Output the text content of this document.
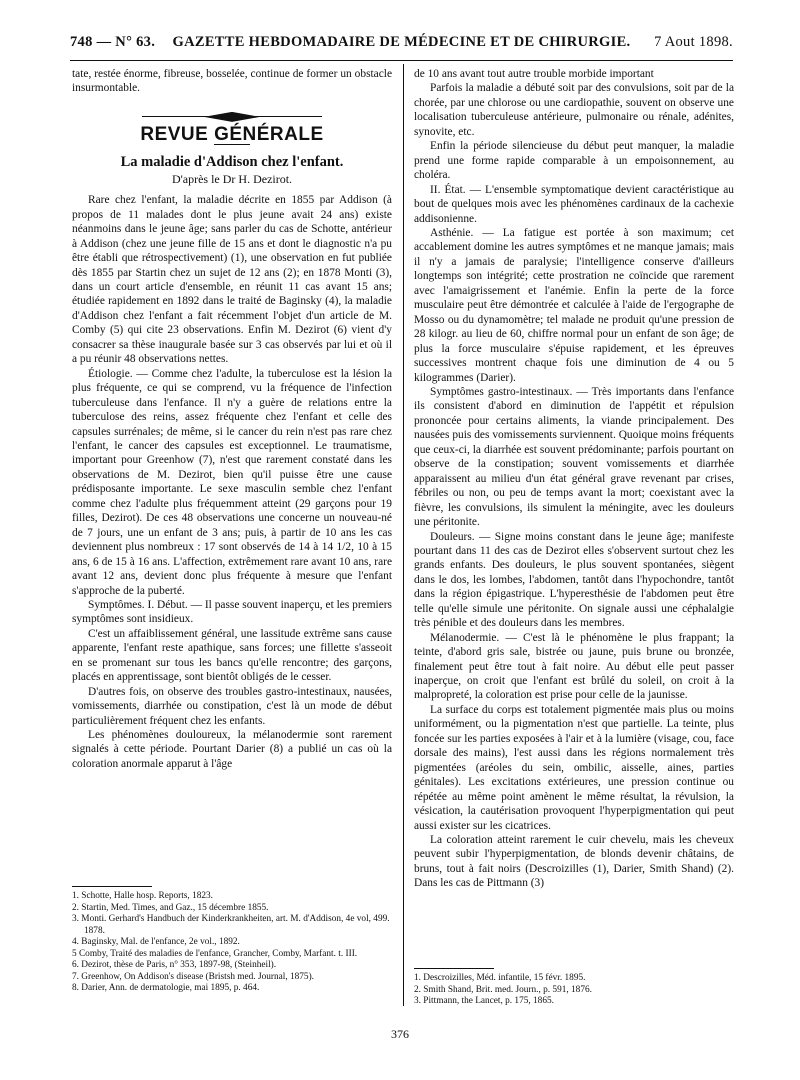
748 — N° 63.	GAZETTE HEBDOMADAIRE DE MÉDECINE ET DE CHIRURGIE.	7 Aout 1898.

tate, restée énorme, fibreuse, bosselée, continue de former un obstacle insurmontable.

REVUE GÉNÉRALE
La maladie d'Addison chez l'enfant.
D'après le Dr H. Dezirot.

Rare chez l'enfant, la maladie décrite en 1855 par Addison (à propos de 11 malades dont le plus jeune avait 24 ans) existe néanmoins dans le jeune âge; sans parler du cas de Schotte, antérieur à Addison (chez une jeune fille de 15 ans et dont le diagnostic n'a pu être établi que rétrospectivement) (1), une observation en fut publiée dès 1855 par Startin chez un sujet de 12 ans (2); en 1878 Monti (3), dans un court article d'ensemble, en réunit 11 cas avant 15 ans; étudiée rapidement en 1892 dans le traité de Baginsky (4), la maladie d'Addison chez l'enfant a fait récemment l'objet d'un article de M. Comby (5) qui cite 23 observations. Enfin M. Dezirot (6) vient d'y consacrer sa thèse inaugurale basée sur 3 cas observés par lui et où il a pu réunir 48 observations nettes.

Étiologie. — Comme chez l'adulte, la tuberculose est la lésion la plus fréquente, ce qui se comprend, vu la fréquence de l'infection tuberculeuse dans l'enfance. Il n'y a guère de relations entre la tuberculose des reins, assez fréquente chez l'enfant et celle des capsules surrénales; de même, si le cancer du rein n'est pas rare chez l'enfant, le cancer des capsules est exceptionnel. Le traumatisme, important pour Greenhow (7), n'est que rarement constaté dans les observations de M. Dezirot, bien qu'il puisse être une cause prédisposante importante. Le sexe masculin semble chez l'enfant comme chez l'adulte plus fréquemment atteint (29 garçons pour 19 filles, Dezirot). De ces 48 observations une concerne un nouveau-né de 7 jours, une un enfant de 3 ans; puis, à partir de 10 ans les cas deviennent plus nombreux : 17 sont observés de 14 à 14 1/2, 10 à 15 ans, 6 de 15 à 16 ans. L'affection, extrêmement rare avant 10 ans, rare avant 12 ans, devient donc plus fréquente à mesure que l'enfant s'approche de la puberté.

Symptômes. I. Début. — Il passe souvent inaperçu, et les premiers symptômes sont insidieux.

C'est un affaiblissement général, une lassitude extrême sans cause apparente, l'enfant reste apathique, sans forces; une fillette s'asseoit en se promenant sur tous les bancs qu'elle rencontre; des garçons, placés en apprentissage, sont bientôt obligés de le cesser.

D'autres fois, on observe des troubles gastro-intestinaux, nausées, vomissements, diarrhée ou constipation, c'est là un mode de début particulièrement fréquent chez les enfants.

Les phénomènes douloureux, la mélanodermie sont rarement signalés à cette période. Pourtant Darier (8) a publié un cas où la coloration anormale apparut à l'âge

de 10 ans avant tout autre trouble morbide important

Parfois la maladie a débuté soit par des convulsions, soit par de la chorée, par une chlorose ou une cardiopathie, souvent on observe une localisation tuberculeuse antérieure, pulmonaire ou rénale, adénites, synovite, etc.

Enfin la période silencieuse du début peut manquer, la maladie prend une forme rapide comparable à un empoisonnement, au choléra.

II. État. — L'ensemble symptomatique devient caractéristique au bout de quelques mois avec les phénomènes cardinaux de la cachexie addisonienne.

Asthénie. — La fatigue est portée à son maximum; cet accablement domine les autres symptômes et ne manque jamais; mais il n'y a jamais de paralysie; l'intelligence conserve d'ailleurs longtemps son intégrité; cette prostration ne coïncide que rarement avec l'amaigrissement et l'anémie. Enfin la perte de la force musculaire peut être démontrée et calculée à l'aide de l'ergographe de Mosso ou du dynamomètre; tel malade ne produit qu'une pression de 28 kilogr. au lieu de 60, chiffre normal pour un enfant de son âge; de plus la force musculaire s'épuise rapidement, et les épreuves successives montrent chaque fois une diminution de 4 ou 5 kilogrammes (Darier).

Symptômes gastro-intestinaux. — Très importants dans l'enfance ils consistent d'abord en diminution de l'appétit et répulsion prononcée pour certains aliments, la viande principalement. Des nausées puis des vomissements surviennent. Quoique moins fréquents que ceux-ci, la diarrhée est souvent prédominante; parfois pourtant on observe de la constipation; souvent vomissements et diarrhée apparaissent au milieu d'un état général grave revenant par crises, fébriles ou non, ou peu de temps avant la mort; coexistant avec la fièvre, les convulsions, ils simulent la méningite, avec les douleurs une péritonite.

Douleurs. — Signe moins constant dans le jeune âge; manifeste pourtant dans 11 des cas de Dezirot elles s'observent surtout chez les grands enfants. Des douleurs, le plus souvent spontanées, siègent dans le dos, les lombes, l'abdomen, tantôt dans l'hypochondre, tantôt dans la région épigastrique. L'hyperesthésie de l'abdomen peut être telle qu'elle simule une péritonite. On signale aussi une céphalalgie très pénible et des douleurs dans les membres.

Mélanodermie. — C'est là le phénomène le plus frappant; la teinte, d'abord gris sale, bistrée ou jaune, puis brune ou bronzée, finalement peut être tout à fait noire. Au début elle peut passer inaperçue, on croit que l'enfant est brûlé du soleil, on croit à la malpropreté, la coloration est prise pour celle de la jaunisse.

La surface du corps est totalement pigmentée mais plus ou moins uniformément, ou la pigmentation n'est que partielle. La teinte, plus foncée sur les parties exposées à l'air et à la lumière (visage, cou, face dorsale des mains), l'est aussi dans les régions normalement très pigmentées (aréoles du sein, ombilic, aisselle, aines, parties génitales). Les excitations extérieures, une pression continue ou répétée au même point amènent le même résultat, la révulsion, la vésication, la cautérisation provoquent l'hyperpigmentation qui peut aussi exister sur les cicatrices.

La coloration atteint rarement le cuir chevelu, mais les cheveux peuvent subir l'hyperpigmentation, de blonds devenir châtains, de bruns, tout à fait noirs (Descroizilles (1), Darier, Smith Shand) (2). Dans les cas de Pittmann (3)

1. Schotte, Halle hosp. Reports, 1823.
2. Startin, Med. Times, and Gaz., 15 décembre 1855.
3. Monti. Gerhard's Handbuch der Kinderkrankheiten, art. M. d'Addison, 4e vol, 499. 1878.
4. Baginsky, Mal. de l'enfance, 2e vol., 1892.
5 Comby, Traité des maladies de l'enfance, Grancher, Comby, Marfant. t. III.
6. Dezirot, thèse de Paris, n° 353, 1897-98, (Steinheil).
7. Greenhow, On Addison's disease (Bristsh med. Journal, 1875).
8. Darier, Ann. de dermatologie, mai 1895, p. 464.
1. Descroizilles, Méd. infantile, 15 févr. 1895.
2. Smith Shand, Brit. med. Journ., p. 591, 1876.
3. Pittmann, the Lancet, p. 175, 1865.
376
